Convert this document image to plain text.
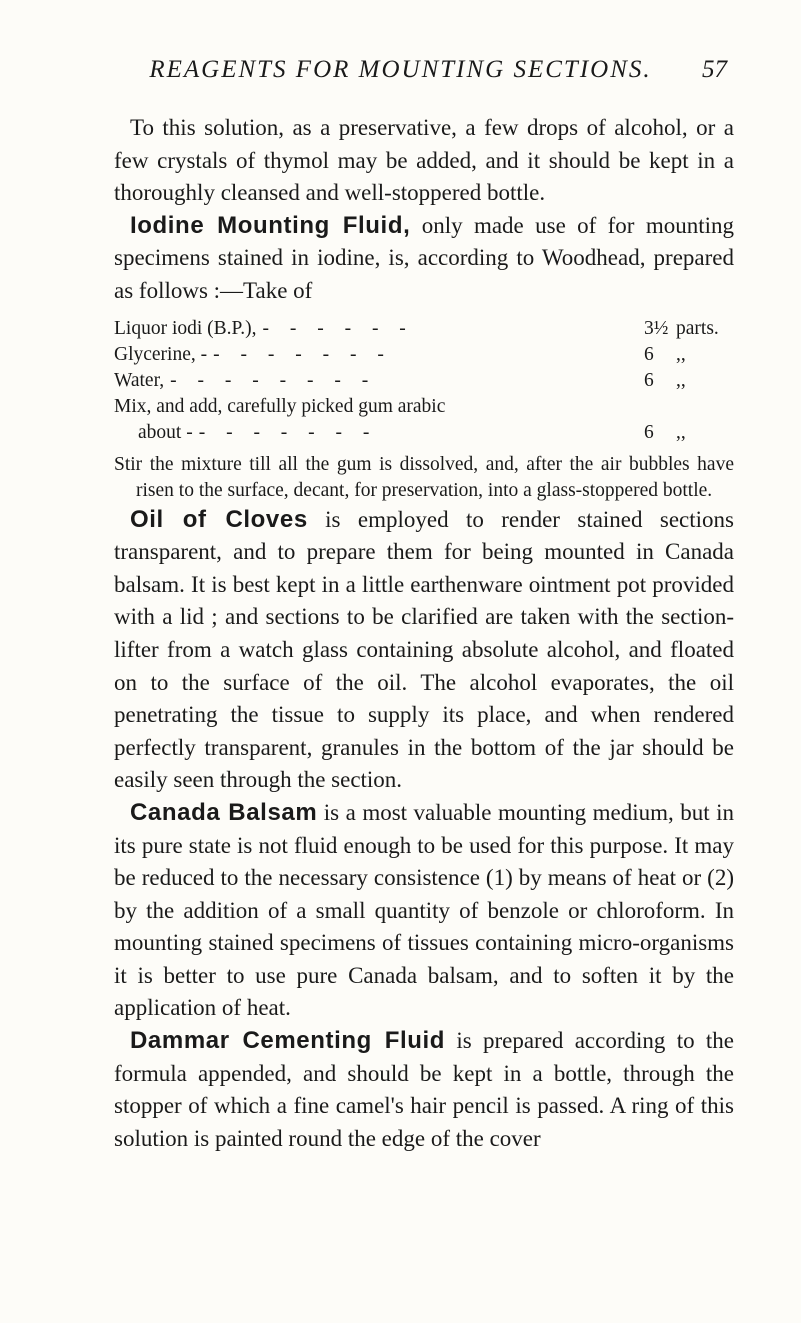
REAGENTS FOR MOUNTING SECTIONS.	57

To this solution, as a preservative, a few drops of alcohol, or a few crystals of thymol may be added, and it should be kept in a thoroughly cleansed and well-stoppered bottle.

Iodine Mounting Fluid, only made use of for mounting specimens stained in iodine, is, according to Woodhead, prepared as follows :—Take of

Liquor iodi (B.P.), - - - - - -	3½ parts.
Glycerine, - - - - - - - -	6	,,
Water, - - - - - - - -	6	,,
Mix, and add, carefully picked gum arabic
about - - - - - - - -	6	,,

Stir the mixture till all the gum is dissolved, and, after the air bubbles have risen to the surface, decant, for preservation, into a glass-stoppered bottle.

Oil of Cloves is employed to render stained sections transparent, and to prepare them for being mounted in Canada balsam. It is best kept in a little earthenware ointment pot provided with a lid ; and sections to be clarified are taken with the section-lifter from a watch glass containing absolute alcohol, and floated on to the surface of the oil. The alcohol evaporates, the oil penetrating the tissue to supply its place, and when rendered perfectly transparent, granules in the bottom of the jar should be easily seen through the section.

Canada Balsam is a most valuable mounting medium, but in its pure state is not fluid enough to be used for this purpose. It may be reduced to the necessary consistence (1) by means of heat or (2) by the addition of a small quantity of benzole or chloroform. In mounting stained specimens of tissues containing micro-organisms it is better to use pure Canada balsam, and to soften it by the application of heat.

Dammar Cementing Fluid is prepared according to the formula appended, and should be kept in a bottle, through the stopper of which a fine camel's hair pencil is passed. A ring of this solution is painted round the edge of the cover
